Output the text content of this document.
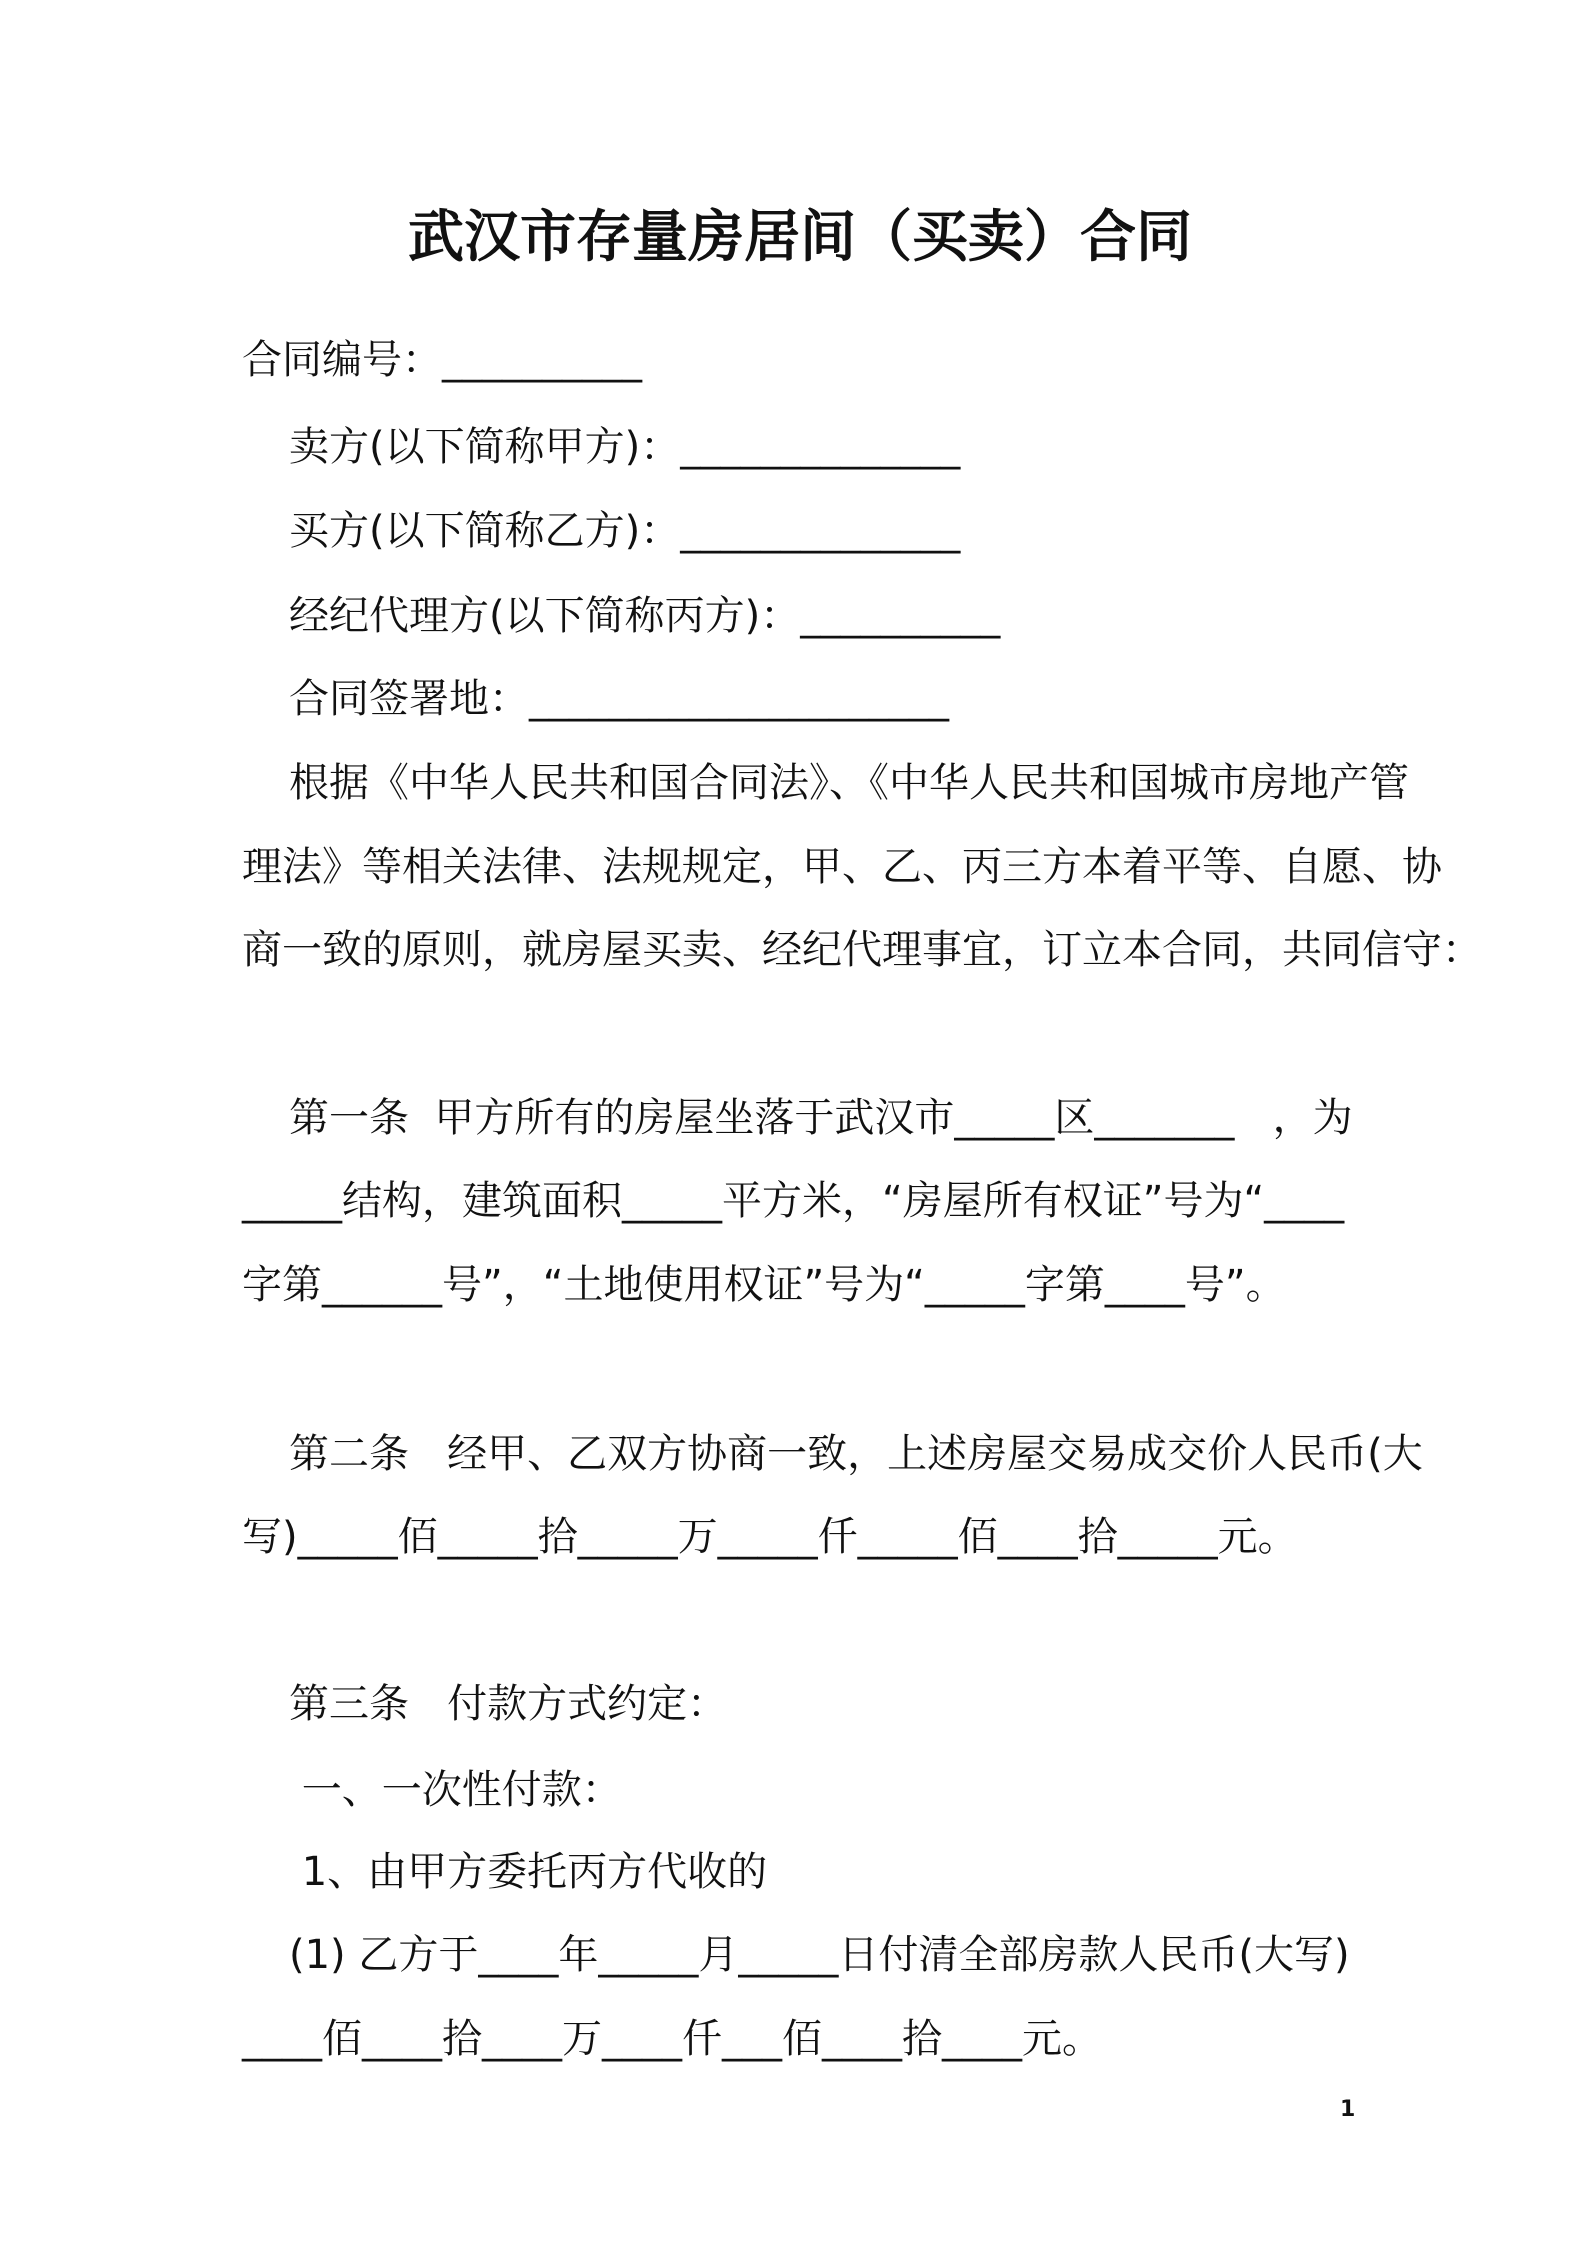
武汉市存量房居间（买卖）合同
合同编号：__________
卖方(以下简称甲方)：______________
买方(以下简称乙方)：______________
经纪代理方(以下简称丙方)：__________
合同签署地：_____________________
根据《中华人民共和国合同法》、《中华人民共和国城市房地产管
理法》等相关法律、法规规定，甲、乙、丙三方本着平等、自愿、协
商一致的原则，就房屋买卖、经纪代理事宜，订立本合同，共同信守：
第一条  甲方所有的房屋坐落于武汉市_____区_______   ，为
_____结构，建筑面积_____平方米，“房屋所有权证”号为“____
字第______号”，“土地使用权证”号为“_____字第____号”。
第二条   经甲、乙双方协商一致，上述房屋交易成交价人民币(大
写)_____佰_____拾_____万_____仟_____佰____拾_____元。
第三条   付款方式约定：
一、一次性付款：
1、由甲方委托丙方代收的
(1) 乙方于____年_____月_____日付清全部房款人民币(大写)
____佰____拾____万____仟___佰____拾____元。
1
